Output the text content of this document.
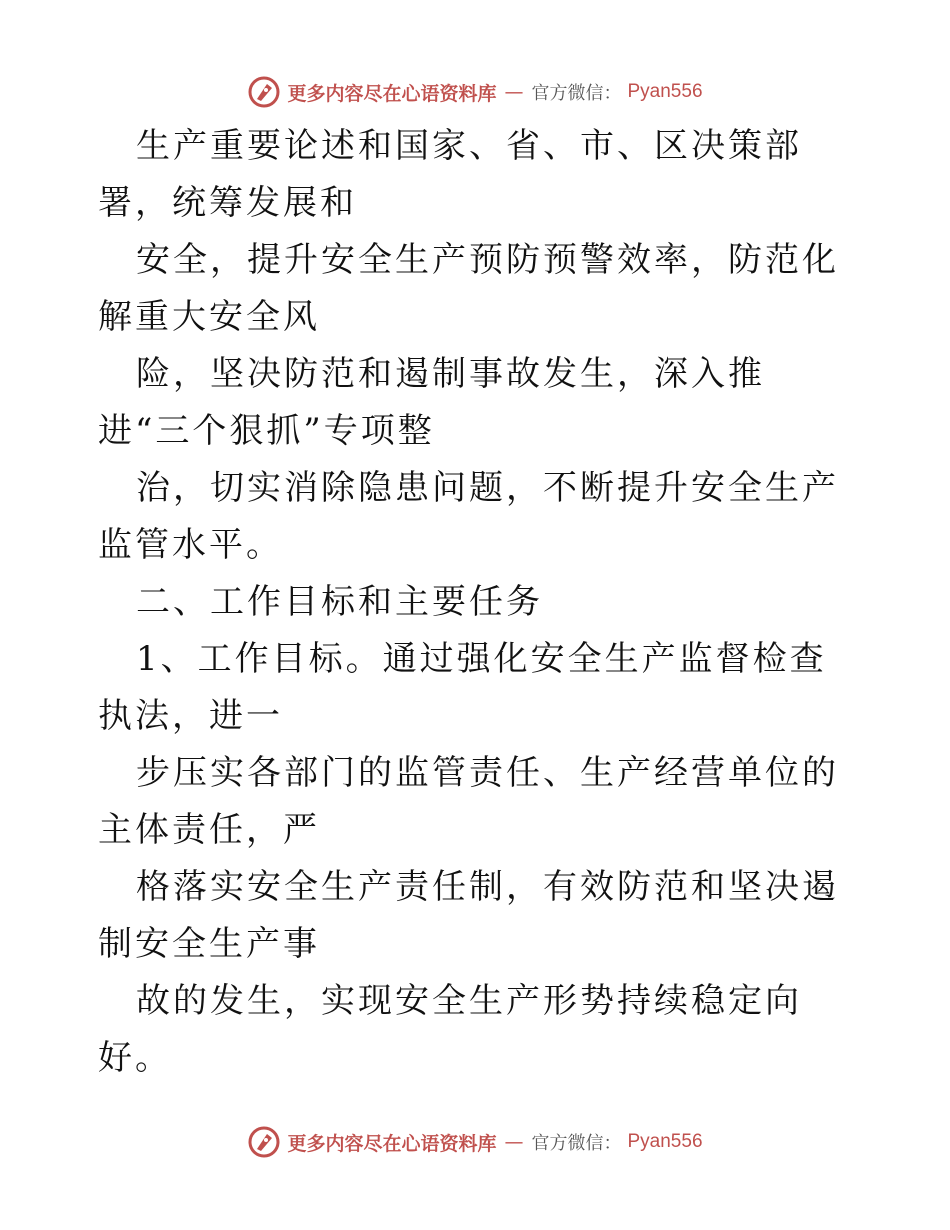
更多内容尽在心语资料库 — 官方微信： Pyan556

生产重要论述和国家、省、市、区决策部署，统筹发展和

安全，提升安全生产预防预警效率，防范化解重大安全风

险，坚决防范和遏制事故发生，深入推进“三个狠抓”专项整

治，切实消除隐患问题，不断提升安全生产监管水平。

二、工作目标和主要任务

1、工作目标。通过强化安全生产监督检查执法，进一

步压实各部门的监管责任、生产经营单位的主体责任，严

格落实安全生产责任制，有效防范和坚决遏制安全生产事

故的发生，实现安全生产形势持续稳定向好。

更多内容尽在心语资料库 — 官方微信： Pyan556
